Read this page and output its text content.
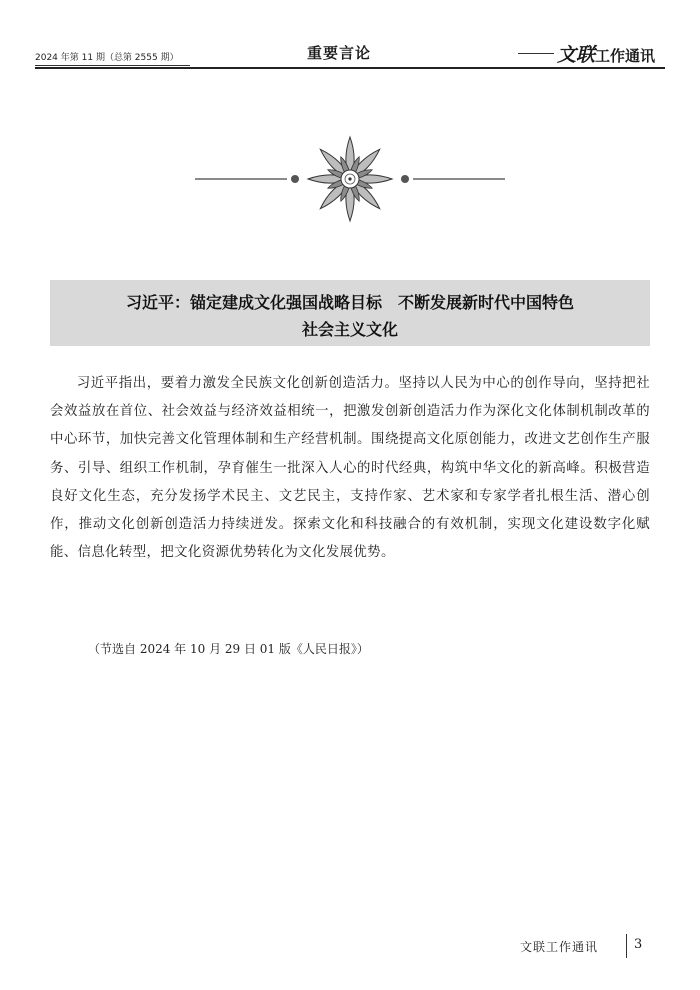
2024 年第 11 期（总第 2555 期）	重要言论	文联工作通讯
习近平：锚定建成文化强国战略目标　不断发展新时代中国特色
社会主义文化
习近平指出，要着力激发全民族文化创新创造活力。坚持以人民为中心的创作导向，坚持把社会效益放在首位、社会效益与经济效益相统一，把激发创新创造活力作为深化文化体制机制改革的中心环节，加快完善文化管理体制和生产经营机制。围绕提高文化原创能力，改进文艺创作生产服务、引导、组织工作机制，孕育催生一批深入人心的时代经典，构筑中华文化的新高峰。积极营造良好文化生态，充分发扬学术民主、文艺民主，支持作家、艺术家和专家学者扎根生活、潜心创作，推动文化创新创造活力持续迸发。探索文化和科技融合的有效机制，实现文化建设数字化赋能、信息化转型，把文化资源优势转化为文化发展优势。
（节选自 2024 年 10 月 29 日 01 版《人民日报》）
文联工作通讯	3
